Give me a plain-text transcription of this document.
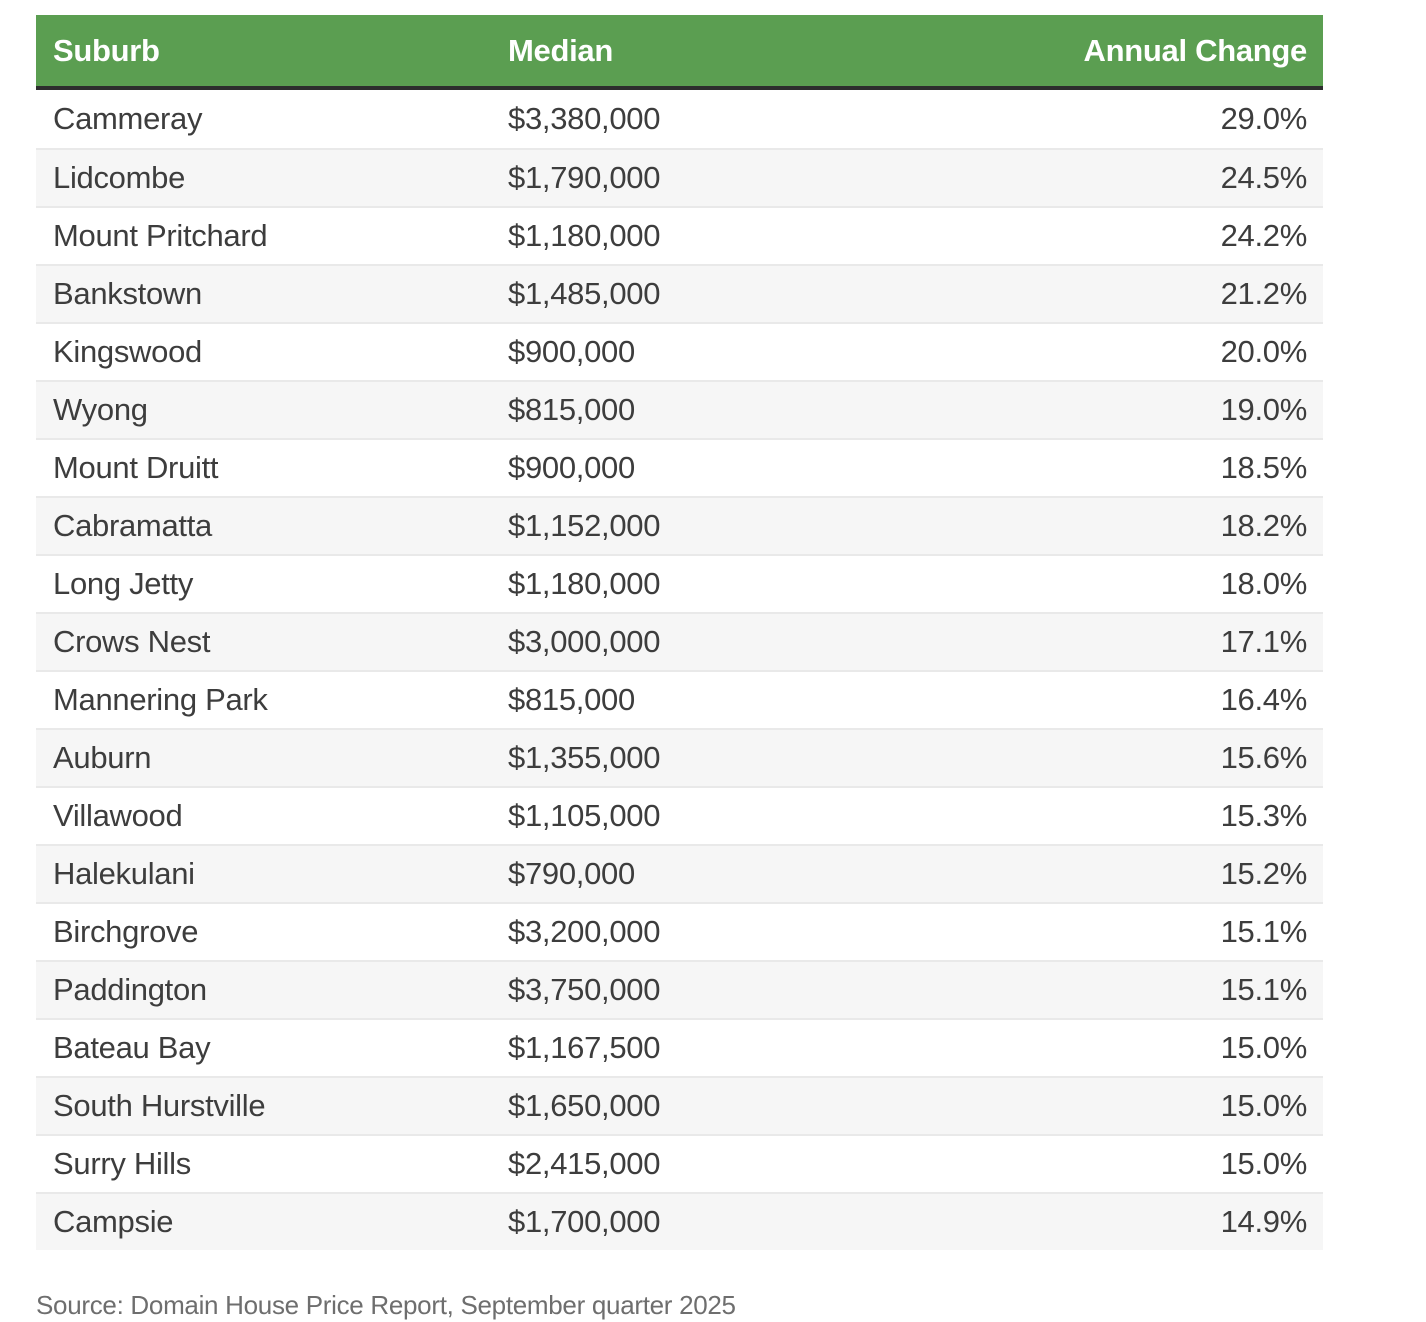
Suburb	Median	Annual Change
Cammeray	$3,380,000	29.0%
Lidcombe	$1,790,000	24.5%
Mount Pritchard	$1,180,000	24.2%
Bankstown	$1,485,000	21.2%
Kingswood	$900,000	20.0%
Wyong	$815,000	19.0%
Mount Druitt	$900,000	18.5%
Cabramatta	$1,152,000	18.2%
Long Jetty	$1,180,000	18.0%
Crows Nest	$3,000,000	17.1%
Mannering Park	$815,000	16.4%
Auburn	$1,355,000	15.6%
Villawood	$1,105,000	15.3%
Halekulani	$790,000	15.2%
Birchgrove	$3,200,000	15.1%
Paddington	$3,750,000	15.1%
Bateau Bay	$1,167,500	15.0%
South Hurstville	$1,650,000	15.0%
Surry Hills	$2,415,000	15.0%
Campsie	$1,700,000	14.9%
Source: Domain House Price Report, September quarter 2025
